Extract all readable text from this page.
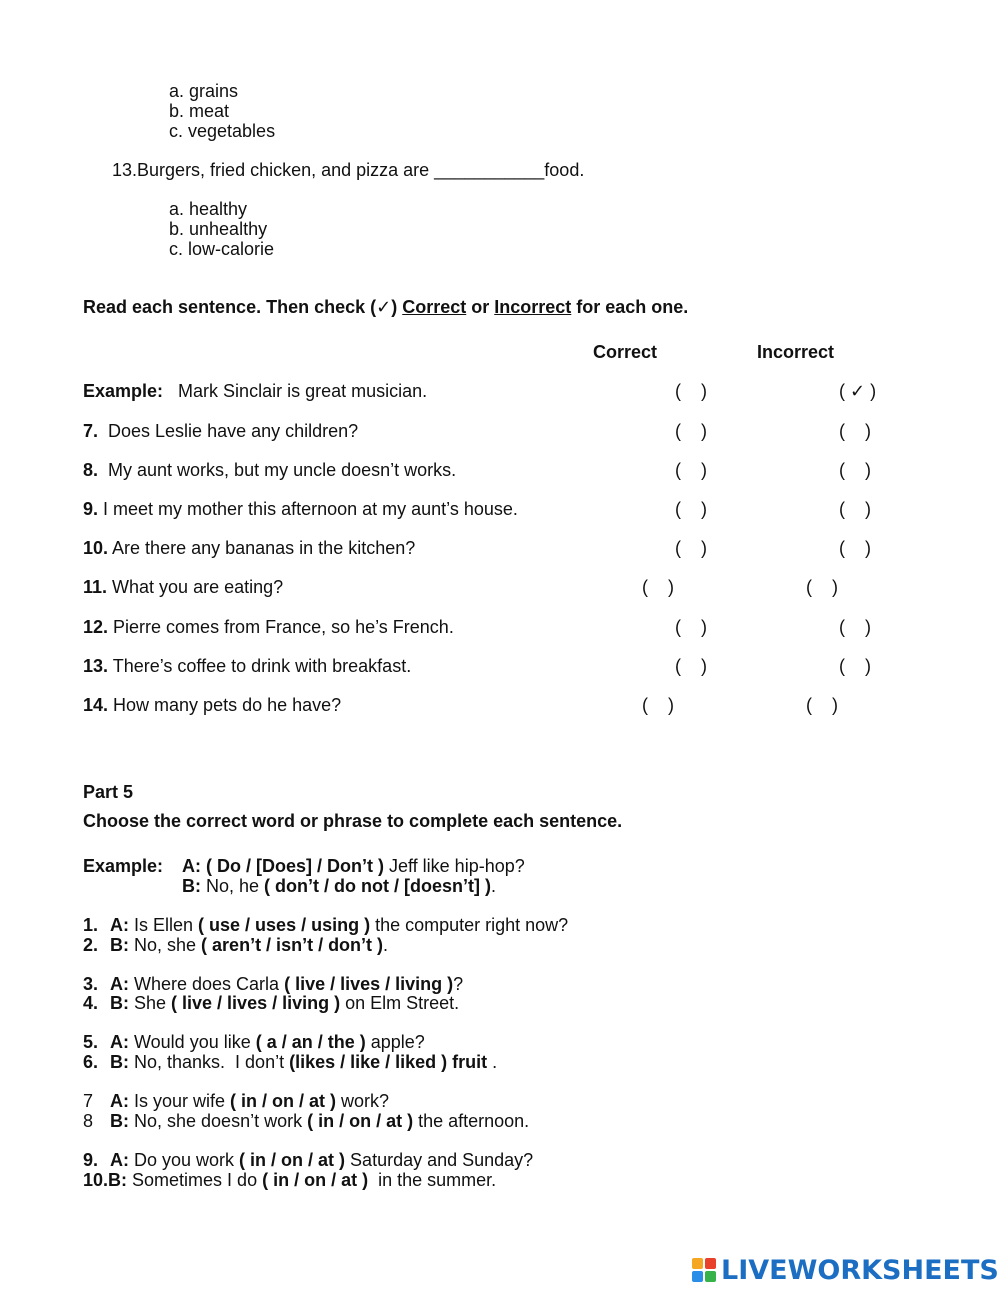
a. grains
b. meat
c. vegetables
13.Burgers, fried chicken, and pizza are ___________food.
a. healthy
b. unhealthy
c. low-calorie
Read each sentence. Then check (✓) Correct or Incorrect for each one.
Correct	Incorrect
Example:   Mark Sinclair is great musician.	(    )	( ✓ )
7.  Does Leslie have any children?	(    )	(    )
8.  My aunt works, but my uncle doesn’t works.	(    )	(    )
9. I meet my mother this afternoon at my aunt’s house.	(    )	(    )
10. Are there any bananas in the kitchen?	(    )	(    )
11. What you are eating?	(    )	(    )
12. Pierre comes from France, so he’s French.	(    )	(    )
13. There’s coffee to drink with breakfast.	(    )	(    )
14. How many pets do he have?	(    )	(    )
Part 5
Choose the correct word or phrase to complete each sentence.
Example: A: ( Do / [Does] / Don’t ) Jeff like hip-hop?
B: No, he ( don’t / do not / [doesn’t] ).
1. A: Is Ellen ( use / uses / using ) the computer right now?
2. B: No, she ( aren’t / isn’t / don’t ).
3. A: Where does Carla ( live / lives / living )?
4. B: She ( live / lives / living ) on Elm Street.
5. A: Would you like ( a / an / the ) apple?
6. B: No, thanks.  I don’t (likes / like / liked ) fruit .
7 A: Is your wife ( in / on / at ) work?
8 B: No, she doesn’t work ( in / on / at ) the afternoon.
9. A: Do you work ( in / on / at ) Saturday and Sunday?
10.B: Sometimes I do ( in / on / at )  in the summer.
LIVEWORKSHEETS
